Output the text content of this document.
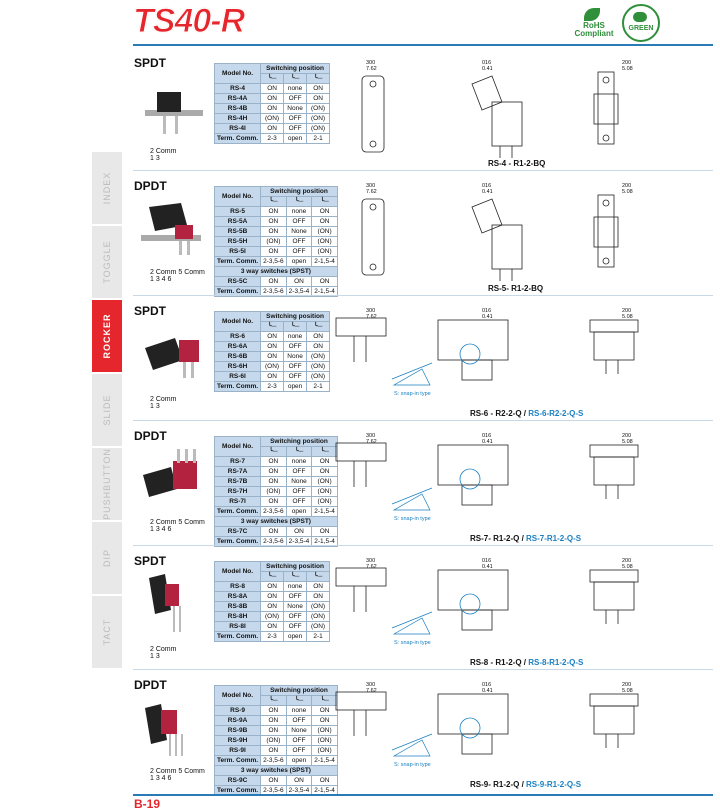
TS40-R	RoHS Compliant
GREEN
INDEX
TOGGLE
ROCKER
SLIDE
PUSHBUTTON
DIP
TACT
SPDT
2 Comm
1 3
Model No.	Switching position		
	╰─	╰─	╰─
RS-4	ON	none	ON
RS-4A	ON	OFF	ON
RS-4B	ON	None	(ON)
RS-4H	(ON)	OFF	(ON)
RS-4I	ON	OFF	(ON)
Term. Comm.	2-3	open	2-1
300
7.62
016
0.41
200
5.08
RS-4 - R1-2-BQ
DPDT
2 Comm 5 Comm
1 3 4 6
Model No.	Switching position		
	╰─	╰─	╰─
RS-5	ON	none	ON
RS-5A	ON	OFF	ON
RS-5B	ON	None	(ON)
RS-5H	(ON)	OFF	(ON)
RS-5I	ON	OFF	(ON)
Term. Comm.	2-3,5-6	open	2-1,5-4
3 way switches (SPST)			
RS-5C	ON	ON	ON
Term. Comm.	2-3,5-6	2-3,5-4	2-1,5-4
300
7.62
016
0.41
200
5.08
RS-5- R1-2-BQ
SPDT
2 Comm
1 3
Model No.	Switching position		
	╰─	╰─	╰─
RS-6	ON	none	ON
RS-6A	ON	OFF	ON
RS-6B	ON	None	(ON)
RS-6H	(ON)	OFF	(ON)
RS-6I	ON	OFF	(ON)
Term. Comm.	2-3	open	2-1
300
7.62
016
0.41
200
5.08
S: snap-in type
RS-6 - R2-2-Q / RS-6-R2-2-Q-S
DPDT
2 Comm 5 Comm
1 3 4 6
Model No.	Switching position		
	╰─	╰─	╰─
RS-7	ON	none	ON
RS-7A	ON	OFF	ON
RS-7B	ON	None	(ON)
RS-7H	(ON)	OFF	(ON)
RS-7I	ON	OFF	(ON)
Term. Comm.	2-3,5-6	open	2-1,5-4
3 way switches (SPST)			
RS-7C	ON	ON	ON
Term. Comm.	2-3,5-6	2-3,5-4	2-1,5-4
300
7.62
016
0.41
200
5.08
S: snap-in type
RS-7- R1-2-Q / RS-7-R1-2-Q-S
SPDT
2 Comm
1 3
Model No.	Switching position		
	╰─	╰─	╰─
RS-8	ON	none	ON
RS-8A	ON	OFF	ON
RS-8B	ON	None	(ON)
RS-8H	(ON)	OFF	(ON)
RS-8I	ON	OFF	(ON)
Term. Comm.	2-3	open	2-1
300
7.62
016
0.41
200
5.08
S: snap-in type
RS-8 - R1-2-Q / RS-8-R1-2-Q-S
DPDT
2 Comm 5 Comm
1 3 4 6
Model No.	Switching position		
	╰─	╰─	╰─
RS-9	ON	none	ON
RS-9A	ON	OFF	ON
RS-9B	ON	None	(ON)
RS-9H	(ON)	OFF	(ON)
RS-9I	ON	OFF	(ON)
Term. Comm.	2-3,5-6	open	2-1,5-4
3 way switches (SPST)			
RS-9C	ON	ON	ON
Term. Comm.	2-3,5-6	2-3,5-4	2-1,5-4
300
7.62
016
0.41
200
5.08
S: snap-in type
RS-9- R1-2-Q / RS-9-R1-2-Q-S
B-19
